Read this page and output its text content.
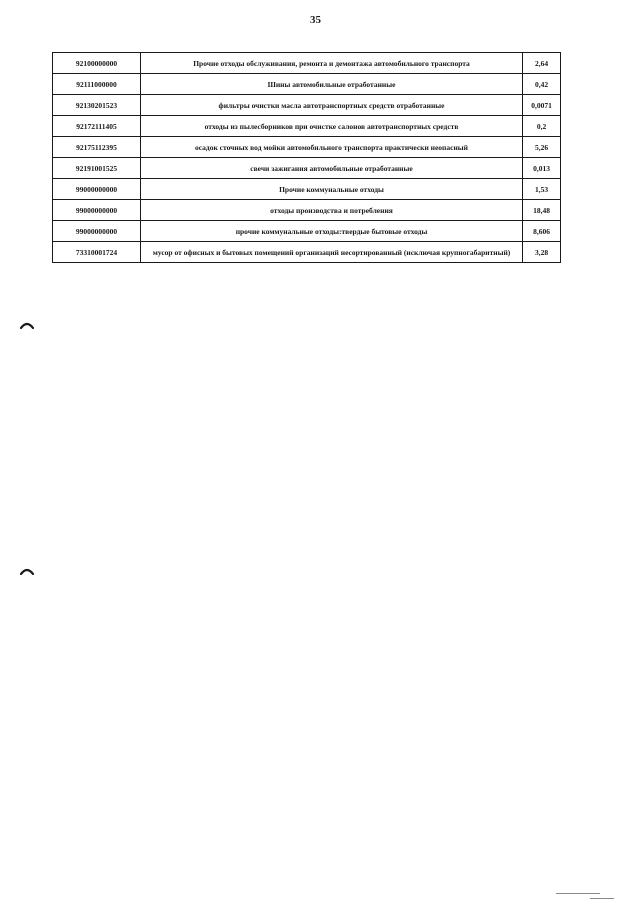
35
92100000000	Прочие отходы обслуживания, ремонта и демонтажа автомобильного транспорта	2,64
92111000000	Шины автомобильные отработанные	0,42
92130201523	фильтры очистки масла автотранспортных средств отработанные	0,0071
92172111405	отходы из пылесборников при очистке салонов автотранспортных средств	0,2
92175112395	осадок сточных вод мойки автомобильного транспорта практически неопасный	5,26
92191001525	свечи зажигания автомобильные отработанные	0,013
99000000000	Прочие коммунальные отходы	1,53
99000000000	отходы производства и потребления	18,48
99000000000	прочие коммунальные отходы:твердые бытовые отходы	8,606
73310001724	мусор от офисных и бытовых помещений организаций несортированный (исключая крупногабаритный)	3,28
